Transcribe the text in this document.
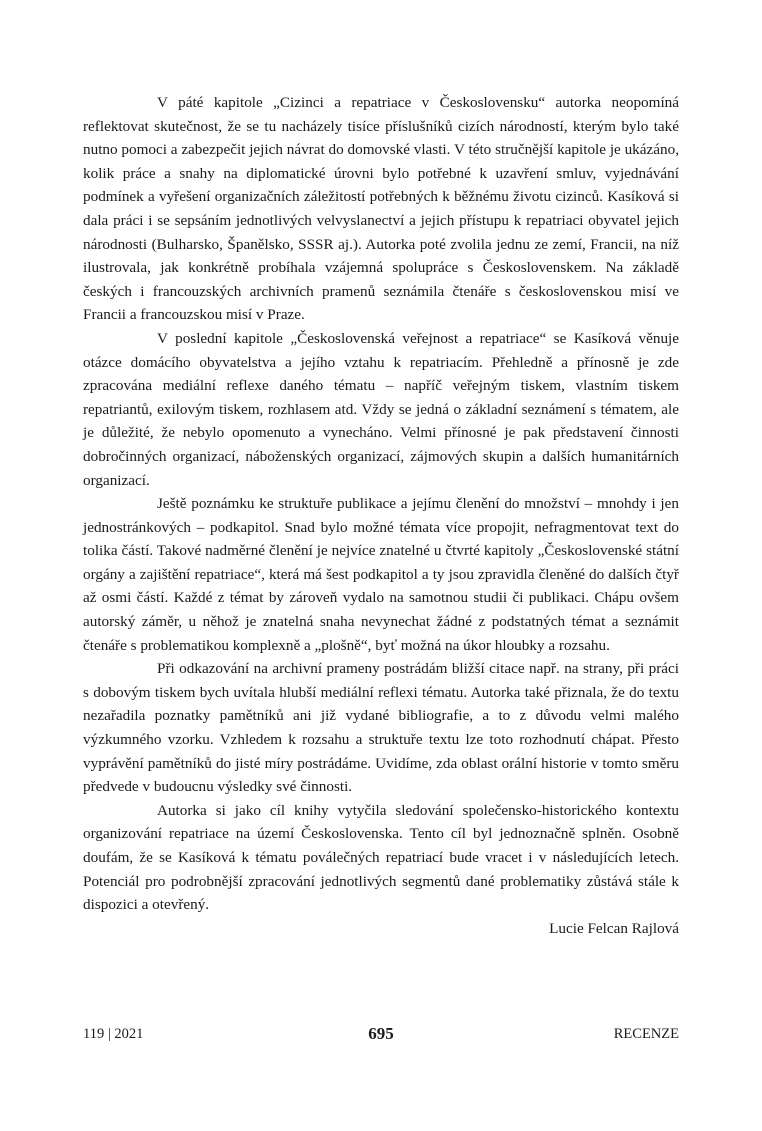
V páté kapitole „Cizinci a repatriace v Československu“ autorka neopomíná reflektovat skutečnost, že se tu nacházely tisíce příslušníků cizích národností, kterým bylo také nutno pomoci a zabezpečit jejich návrat do domovské vlasti. V této stručnější kapitole je ukázáno, kolik práce a snahy na diplomatické úrovni bylo potřebné k uzavření smluv, vyjednávání podmínek a vyřešení organizačních záležitostí potřebných k běžnému životu cizinců. Kasíková si dala práci i se sepsáním jednotlivých velvyslanectví a jejich přístupu k repatriaci obyvatel jejich národnosti (Bulharsko, Španělsko, SSSR aj.). Autorka poté zvolila jednu ze zemí, Francii, na níž ilustrovala, jak konkrétně probíhala vzájemná spolupráce s Československem. Na základě českých i francouzských archivních pramenů seznámila čtenáře s československou misí ve Francii a francouzskou misí v Praze.

V poslední kapitole „Československá veřejnost a repatriace“ se Kasíková věnuje otázce domácího obyvatelstva a jejího vztahu k repatriacím. Přehledně a přínosně je zde zpracována mediální reflexe daného tématu – napříč veřejným tiskem, vlastním tiskem repatriantů, exilovým tiskem, rozhlasem atd. Vždy se jedná o základní seznámení s tématem, ale je důležité, že nebylo opomenuto a vynecháno. Velmi přínosné je pak představení činnosti dobročinných organizací, náboženských organizací, zájmových skupin a dalších humanitárních organizací.

Ještě poznámku ke struktuře publikace a jejímu členění do množství – mnohdy i jen jednostránkových – podkapitol. Snad bylo možné témata více propojit, nefragmentovat text do tolika částí. Takové nadměrné členění je nejvíce znatelné u čtvrté kapitoly „Československé státní orgány a zajištění repatriace“, která má šest podkapitol a ty jsou zpravidla členěné do dalších čtyř až osmi částí. Každé z témat by zároveň vydalo na samotnou studii či publikaci. Chápu ovšem autorský záměr, u něhož je znatelná snaha nevynechat žádné z podstatných témat a seznámit čtenáře s problematikou komplexně a „plošně“, byť možná na úkor hloubky a rozsahu.

Při odkazování na archivní prameny postrádám bližší citace např. na strany, při práci s dobovým tiskem bych uvítala hlubší mediální reflexi tématu. Autorka také přiznala, že do textu nezařadila poznatky pamětníků ani již vydané bibliografie, a to z důvodu velmi malého výzkumného vzorku. Vzhledem k rozsahu a struktuře textu lze toto rozhodnutí chápat. Přesto vyprávění pamětníků do jisté míry postrádáme. Uvidíme, zda oblast orální historie v tomto směru předvede v budoucnu výsledky své činnosti.

Autorka si jako cíl knihy vytyčila sledování společensko-historického kontextu organizování repatriace na území Československa. Tento cíl byl jednoznačně splněn. Osobně doufám, že se Kasíková k tématu poválečných repatriací bude vracet i v následujících letech. Potenciál pro podrobnější zpracování jednotlivých segmentů dané problematiky zůstává stále k dispozici a otevřený.

Lucie Felcan Rajlová

119 | 2021	695	RECENZE
